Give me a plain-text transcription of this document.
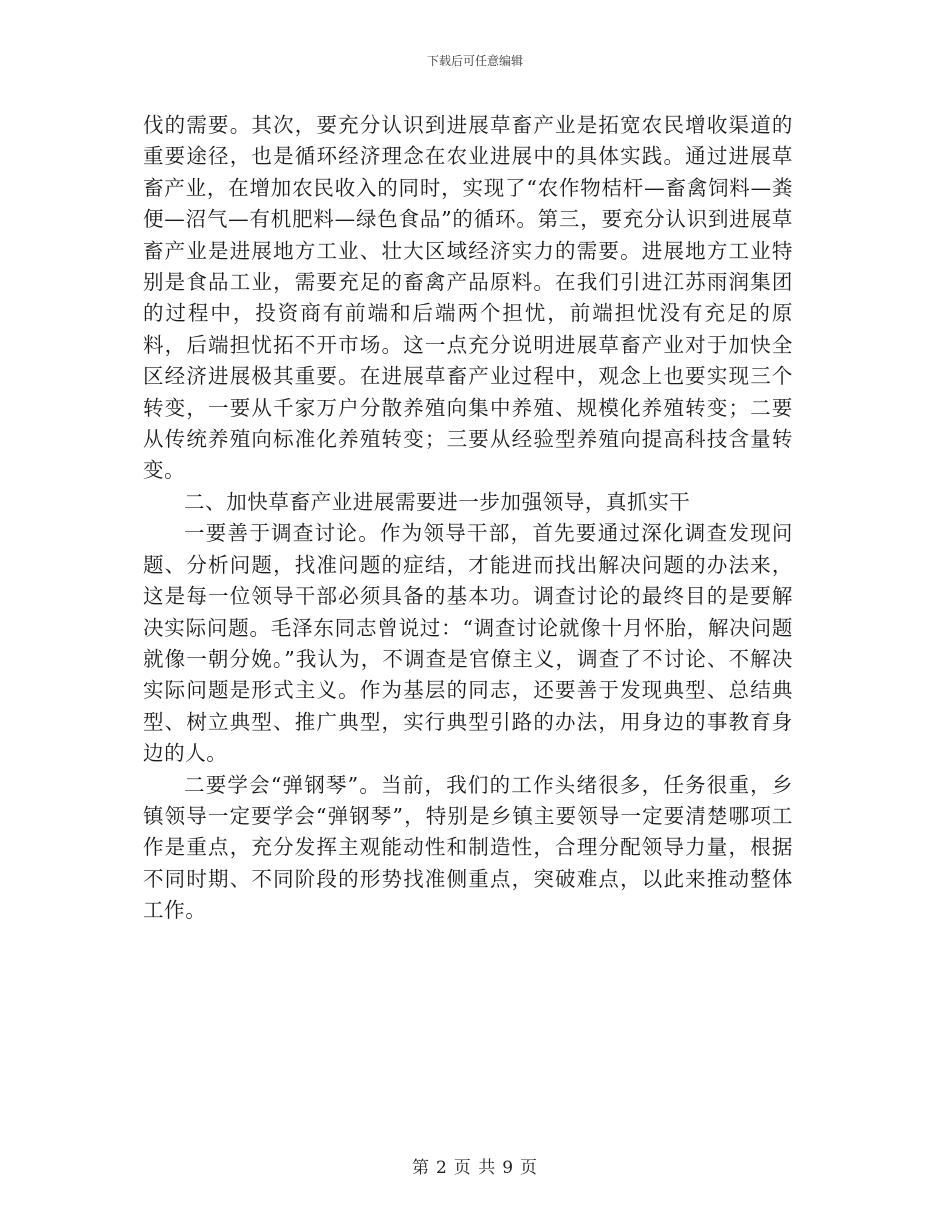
下载后可任意编辑

伐的需要。其次，要充分认识到进展草畜产业是拓宽农民增收渠道的重要途径，也是循环经济理念在农业进展中的具体实践。通过进展草畜产业，在增加农民收入的同时，实现了“农作物桔杆—畜禽饲料—粪便—沼气—有机肥料—绿色食品”的循环。第三，要充分认识到进展草畜产业是进展地方工业、壮大区域经济实力的需要。进展地方工业特别是食品工业，需要充足的畜禽产品原料。在我们引进江苏雨润集团的过程中，投资商有前端和后端两个担忧，前端担忧没有充足的原料，后端担忧拓不开市场。这一点充分说明进展草畜产业对于加快全区经济进展极其重要。在进展草畜产业过程中，观念上也要实现三个转变，一要从千家万户分散养殖向集中养殖、规模化养殖转变；二要从传统养殖向标准化养殖转变；三要从经验型养殖向提高科技含量转变。

二、加快草畜产业进展需要进一步加强领导，真抓实干

一要善于调查讨论。作为领导干部，首先要通过深化调查发现问题、分析问题，找准问题的症结，才能进而找出解决问题的办法来，这是每一位领导干部必须具备的基本功。调查讨论的最终目的是要解决实际问题。毛泽东同志曾说过：“调查讨论就像十月怀胎，解决问题就像一朝分娩。”我认为，不调查是官僚主义，调查了不讨论、不解决实际问题是形式主义。作为基层的同志，还要善于发现典型、总结典型、树立典型、推广典型，实行典型引路的办法，用身边的事教育身边的人。

二要学会“弹钢琴”。当前，我们的工作头绪很多，任务很重，乡镇领导一定要学会“弹钢琴”，特别是乡镇主要领导一定要清楚哪项工作是重点，充分发挥主观能动性和制造性，合理分配领导力量，根据不同时期、不同阶段的形势找准侧重点，突破难点，以此来推动整体工作。

第 2 页 共 9 页
